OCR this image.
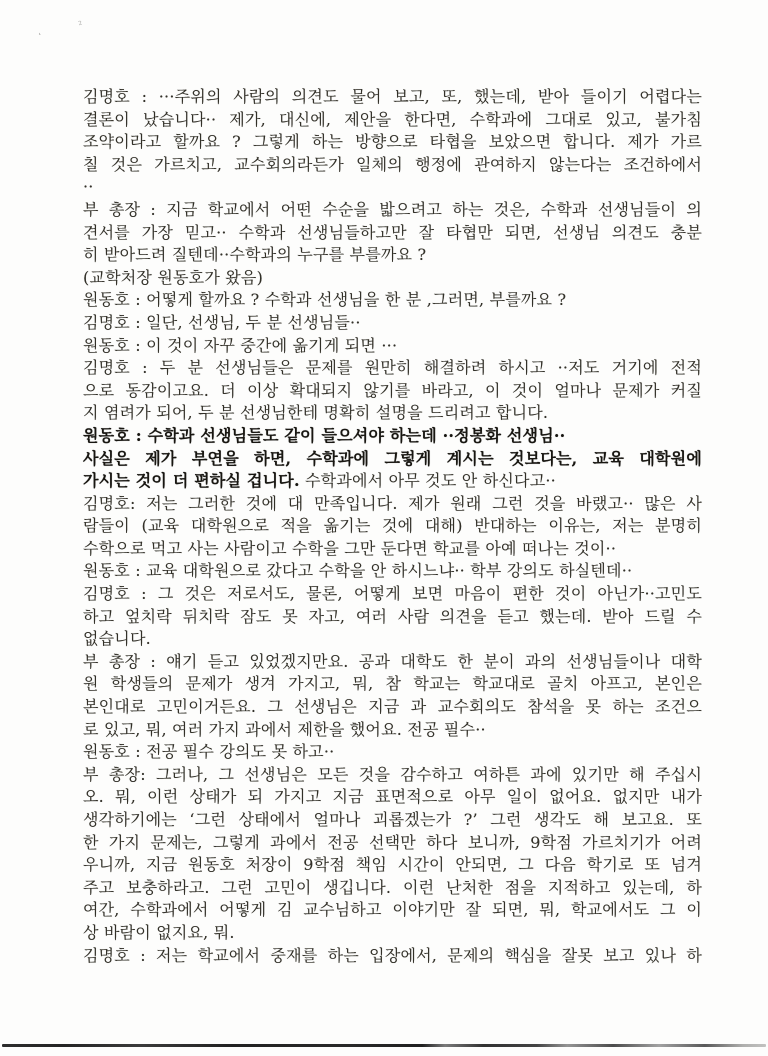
˛	²
김명호 : ···주위의 사람의 의견도 물어 보고, 또, 했는데, 받아 들이기 어렵다는
결론이 났습니다·· 제가, 대신에, 제안을 한다면, 수학과에 그대로 있고, 불가침
조약이라고 할까요 ? 그렇게 하는 방향으로 타협을 보았으면 합니다. 제가 가르
칠 것은 가르치고, 교수회의라든가 일체의 행정에 관여하지 않는다는 조건하에서
··
부 총장 : 지금 학교에서 어떤 수순을 밟으려고 하는 것은, 수학과 선생님들이 의
견서를 가장 믿고·· 수학과 선생님들하고만 잘 타협만 되면, 선생님 의견도 충분
히 받아드려 질텐데··수학과의 누구를 부를까요 ?
(교학처장 원동호가 왔음)
원동호 : 어떻게 할까요 ? 수학과 선생님을 한 분 ,그러면, 부를까요 ?
김명호 : 일단, 선생님, 두 분 선생님들··
원동호 : 이 것이 자꾸 중간에 옮기게 되면 ···
김명호 : 두 분 선생님들은 문제를 원만히 해결하려 하시고 ··저도 거기에 전적
으로 동감이고요. 더 이상 확대되지 않기를 바라고, 이 것이 얼마나 문제가 커질
지 염려가 되어, 두 분 선생님한테 명확히 설명을 드리려고 합니다.
원동호 : 수학과 선생님들도 같이 들으셔야 하는데 ··정봉화 선생님··
사실은 제가 부연을 하면, 수학과에 그렇게 계시는 것보다는, 교육 대학원에
가시는 것이 더 편하실 겁니다. 수학과에서 아무 것도 안 하신다고··
김명호: 저는 그러한 것에 대 만족입니다. 제가 원래 그런 것을 바랬고·· 많은 사
람들이 (교육 대학원으로 적을 옮기는 것에 대해) 반대하는 이유는, 저는 분명히
수학으로 먹고 사는 사람이고 수학을 그만 둔다면 학교를 아예 떠나는 것이··
원동호 : 교육 대학원으로 갔다고 수학을 안 하시느냐·· 학부 강의도 하실텐데··
김명호 : 그 것은 저로서도, 물론, 어떻게 보면 마음이 편한 것이 아닌가··고민도
하고 엎치락 뒤치락 잠도 못 자고, 여러 사람 의견을 듣고 했는데. 받아 드릴 수
없습니다.
부 총장 : 얘기 듣고 있었겠지만요. 공과 대학도 한 분이 과의 선생님들이나 대학
원 학생들의 문제가 생겨 가지고, 뭐, 참 학교는 학교대로 골치 아프고, 본인은
본인대로 고민이거든요. 그 선생님은 지금 과 교수회의도 참석을 못 하는 조건으
로 있고, 뭐, 여러 가지 과에서 제한을 했어요. 전공 필수··
원동호 : 전공 필수 강의도 못 하고··
부 총장: 그러나, 그 선생님은 모든 것을 감수하고 여하튼 과에 있기만 해 주십시
오. 뭐, 이런 상태가 되 가지고 지금 표면적으로 아무 일이 없어요. 없지만 내가
생각하기에는 ‘그런 상태에서 얼마나 괴롭겠는가 ?’ 그런 생각도 해 보고요. 또
한 가지 문제는, 그렇게 과에서 전공 선택만 하다 보니까, 9학점 가르치기가 어려
우니까, 지금 원동호 처장이 9학점 책임 시간이 안되면, 그 다음 학기로 또 넘겨
주고 보충하라고. 그런 고민이 생깁니다. 이런 난처한 점을 지적하고 있는데, 하
여간, 수학과에서 어떻게 김 교수님하고 이야기만 잘 되면, 뭐, 학교에서도 그 이
상 바람이 없지요, 뭐.
김명호 : 저는 학교에서 중재를 하는 입장에서, 문제의 핵심을 잘못 보고 있나 하
